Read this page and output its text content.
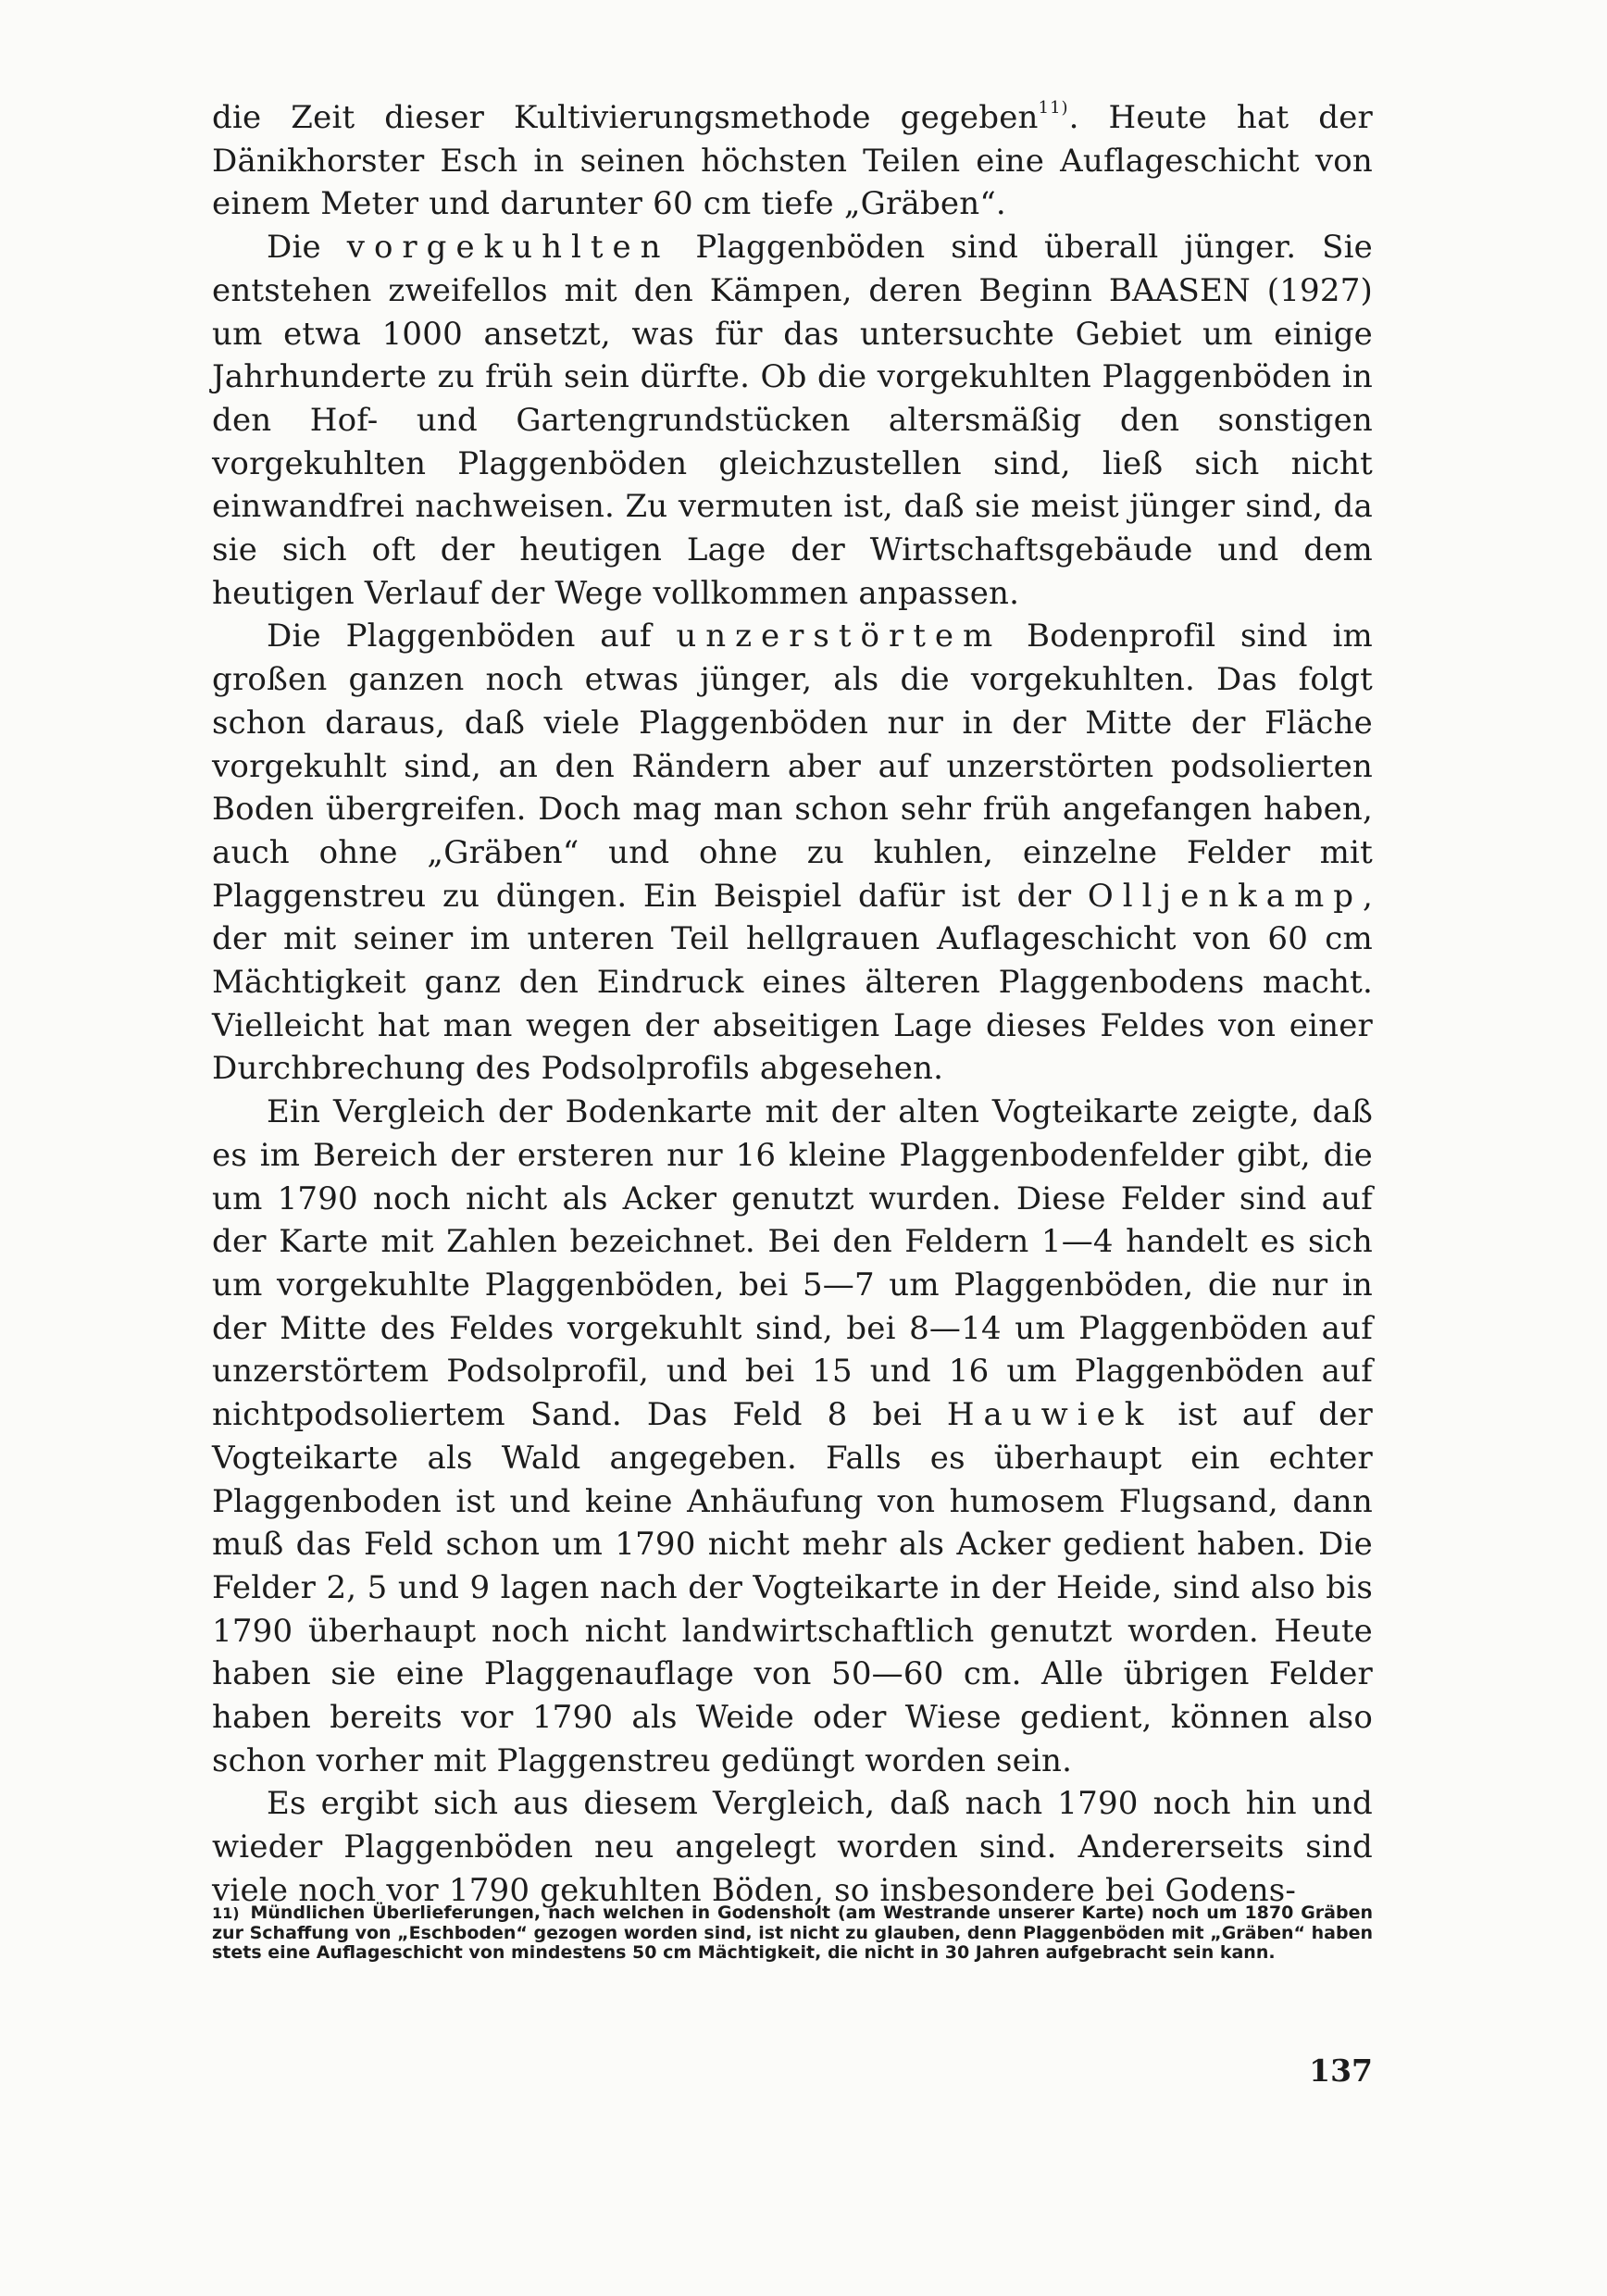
die Zeit dieser Kultivierungsmethode gegeben$^{11)}$. Heute hat der Dänikhorster Esch in seinen höchsten Teilen eine Auflageschicht von einem Meter und darunter 60 cm tiefe „Gräben“.

Die vorgekuhlten Plaggenböden sind überall jünger. Sie entstehen zweifellos mit den Kämpen, deren Beginn BAASEN (1927) um etwa 1000 ansetzt, was für das untersuchte Gebiet um einige Jahrhunderte zu früh sein dürfte. Ob die vorgekuhlten Plaggenböden in den Hof- und Gartengrundstücken altersmäßig den sonstigen vorgekuhlten Plaggenböden gleichzustellen sind, ließ sich nicht einwandfrei nachweisen. Zu vermuten ist, daß sie meist jünger sind, da sie sich oft der heutigen Lage der Wirtschaftsgebäude und dem heutigen Verlauf der Wege vollkommen anpassen.

Die Plaggenböden auf unzerstörtem Bodenprofil sind im großen ganzen noch etwas jünger, als die vorgekuhlten. Das folgt schon daraus, daß viele Plaggenböden nur in der Mitte der Fläche vorgekuhlt sind, an den Rändern aber auf unzerstörten podsolierten Boden übergreifen. Doch mag man schon sehr früh angefangen haben, auch ohne „Gräben“ und ohne zu kuhlen, einzelne Felder mit Plaggenstreu zu düngen. Ein Beispiel dafür ist der Olljenkamp, der mit seiner im unteren Teil hellgrauen Auflageschicht von 60 cm Mächtigkeit ganz den Eindruck eines älteren Plaggenbodens macht. Vielleicht hat man wegen der abseitigen Lage dieses Feldes von einer Durchbrechung des Podsolprofils abgesehen.

Ein Vergleich der Bodenkarte mit der alten Vogteikarte zeigte, daß es im Bereich der ersteren nur 16 kleine Plaggenbodenfelder gibt, die um 1790 noch nicht als Acker genutzt wurden. Diese Felder sind auf der Karte mit Zahlen bezeichnet. Bei den Feldern 1—4 handelt es sich um vorgekuhlte Plaggenböden, bei 5—7 um Plaggenböden, die nur in der Mitte des Feldes vorgekuhlt sind, bei 8—14 um Plaggenböden auf unzerstörtem Podsolprofil, und bei 15 und 16 um Plaggenböden auf nichtpodsoliertem Sand. Das Feld 8 bei Hauwiek ist auf der Vogteikarte als Wald angegeben. Falls es überhaupt ein echter Plaggenboden ist und keine Anhäufung von humosem Flugsand, dann muß das Feld schon um 1790 nicht mehr als Acker gedient haben. Die Felder 2, 5 und 9 lagen nach der Vogteikarte in der Heide, sind also bis 1790 überhaupt noch nicht landwirtschaftlich genutzt worden. Heute haben sie eine Plaggenauflage von 50—60 cm. Alle übrigen Felder haben bereits vor 1790 als Weide oder Wiese gedient, können also schon vorher mit Plaggenstreu gedüngt worden sein.

Es ergibt sich aus diesem Vergleich, daß nach 1790 noch hin und wieder Plaggenböden neu angelegt worden sind. Andererseits sind viele noch vor 1790 gekuhlten Böden, so insbesondere bei Godens-

11) Mündlichen Überlieferungen, nach welchen in Godensholt (am Westrande unserer Karte) noch um 1870 Gräben zur Schaffung von „Eschboden“ gezogen worden sind, ist nicht zu glauben, denn Plaggenböden mit „Gräben“ haben stets eine Auflageschicht von mindestens 50 cm Mächtigkeit, die nicht in 30 Jahren aufgebracht sein kann.

137
